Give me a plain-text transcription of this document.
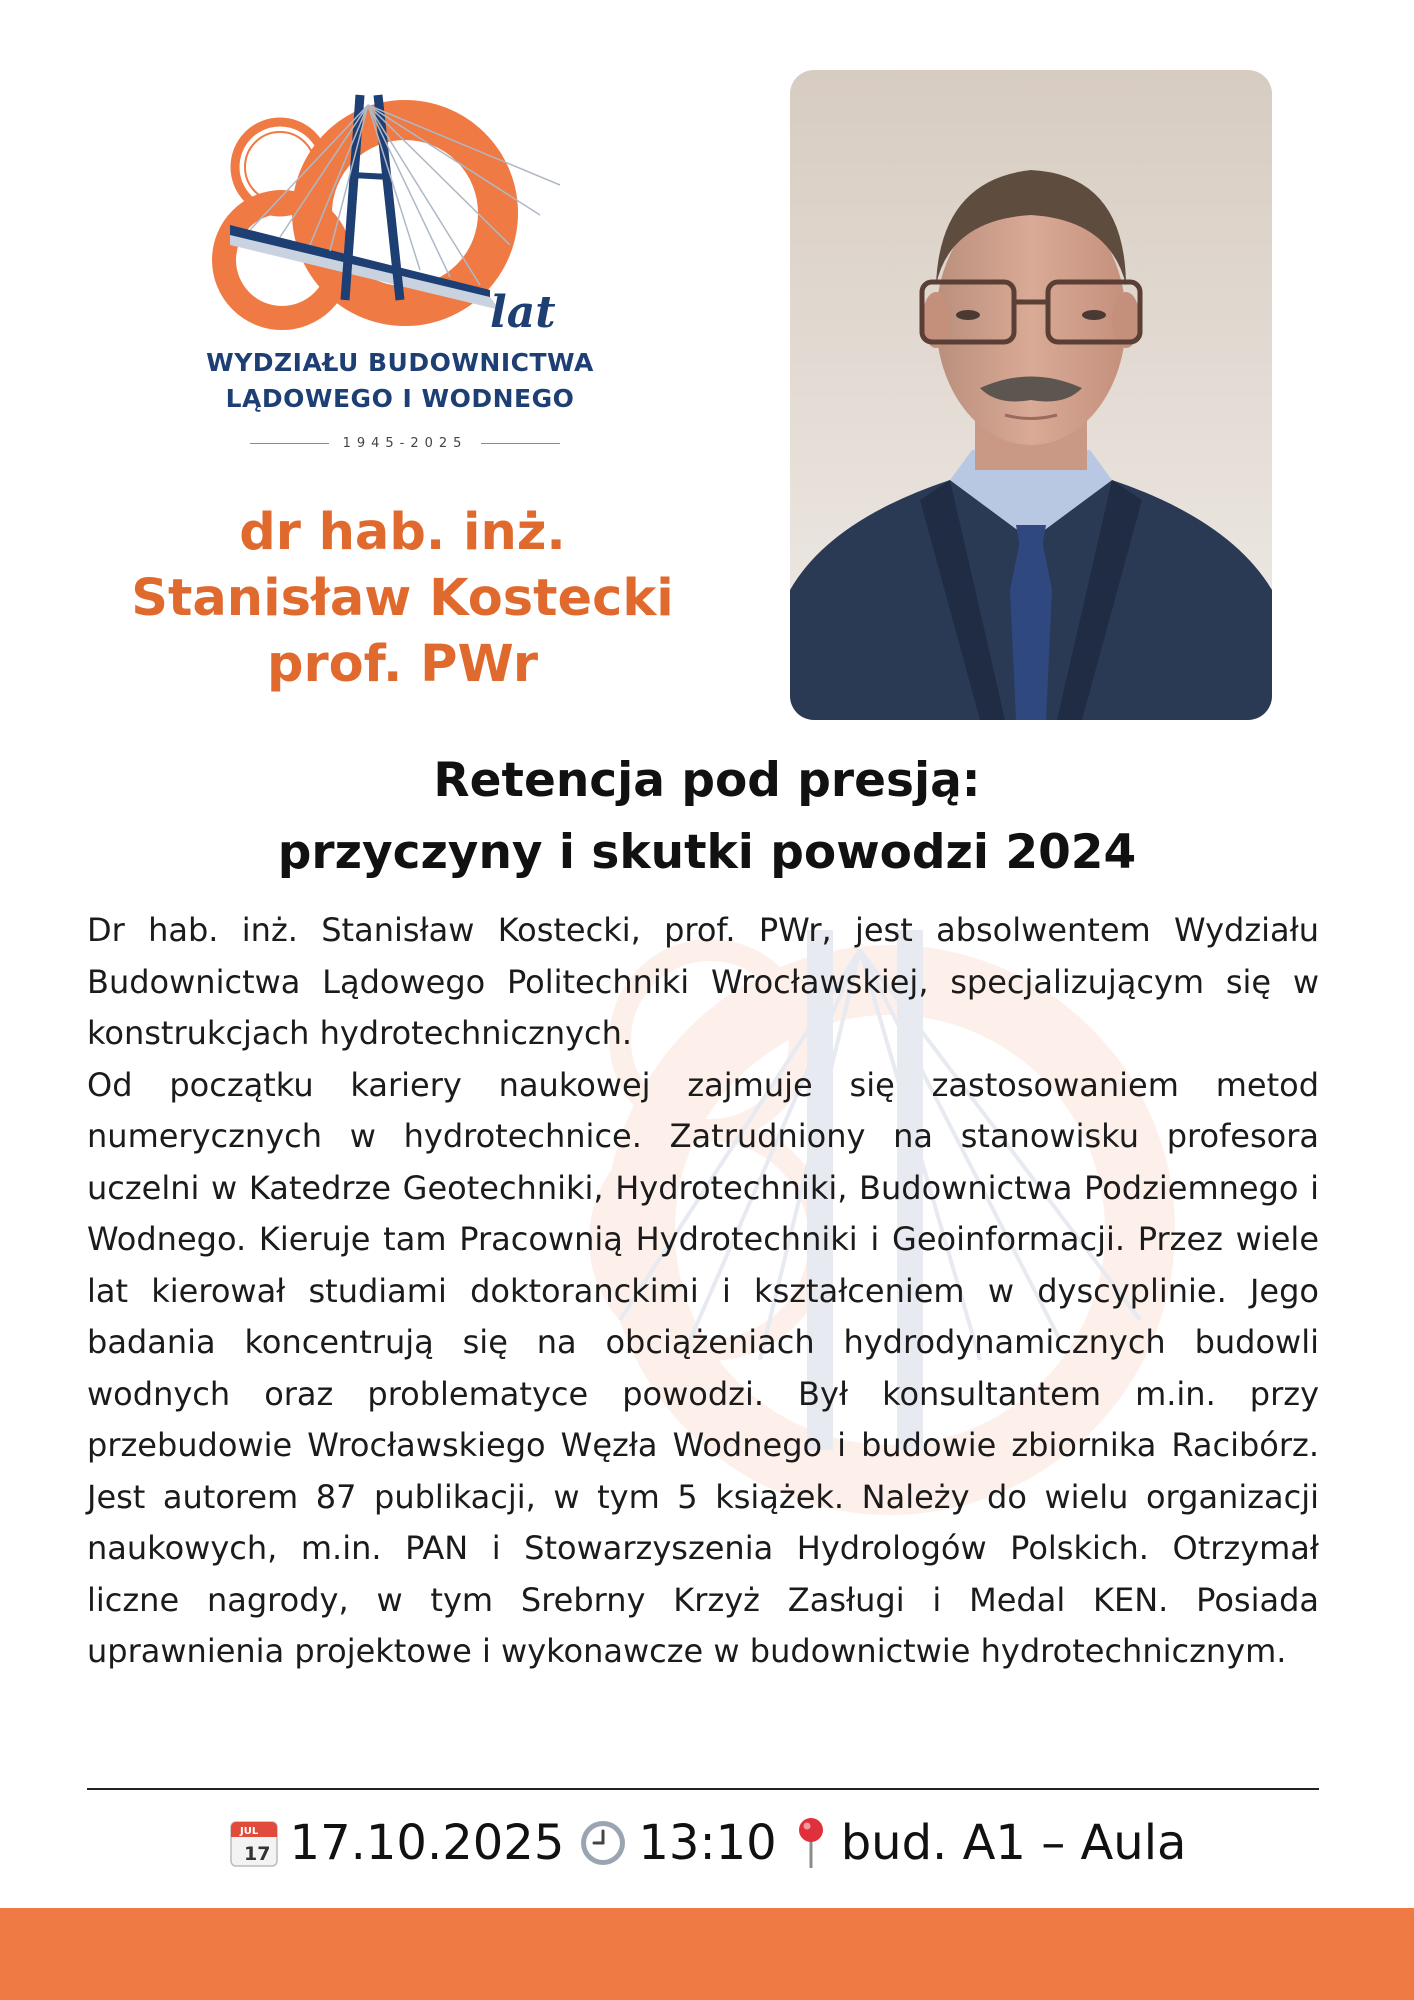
lat
WYDZIAŁU BUDOWNICTWA
LĄDOWEGO I WODNEGO
1945-2025
dr hab. inż.
Stanisław Kostecki
prof. PWr
Retencja pod presją:
przyczyny i skutki powodzi 2024

Dr hab. inż. Stanisław Kostecki, prof. PWr, jest absolwentem Wydziału Budownictwa Lądowego Politechniki Wrocławskiej, specjalizującym się w konstrukcjach hydrotechnicznych.

Od początku kariery naukowej zajmuje się zastosowaniem metod numerycznych w hydrotechnice. Zatrudniony na stanowisku profesora uczelni w Katedrze Geotechniki, Hydrotechniki, Budownictwa Podziemnego i Wodnego. Kieruje tam Pracownią Hydrotechniki i Geoinformacji. Przez wiele lat kierował studiami doktoranckimi i kształceniem w dyscyplinie. Jego badania koncentrują się na obciążeniach hydrodynamicznych budowli wodnych oraz problematyce powodzi. Był konsultantem m.in. przy przebudowie Wrocławskiego Węzła Wodnego i budowie zbiornika Racibórz. Jest autorem 87 publikacji, w tym 5 książek. Należy do wielu organizacji naukowych, m.in. PAN i Stowarzyszenia Hydrologów Polskich. Otrzymał liczne nagrody, w tym Srebrny Krzyż Zasługi i Medal KEN. Posiada uprawnienia projektowe i wykonawcze w budownictwie hydrotechnicznym.

JUL
17 17.10.2025 13:10 bud. A1 – Aula
